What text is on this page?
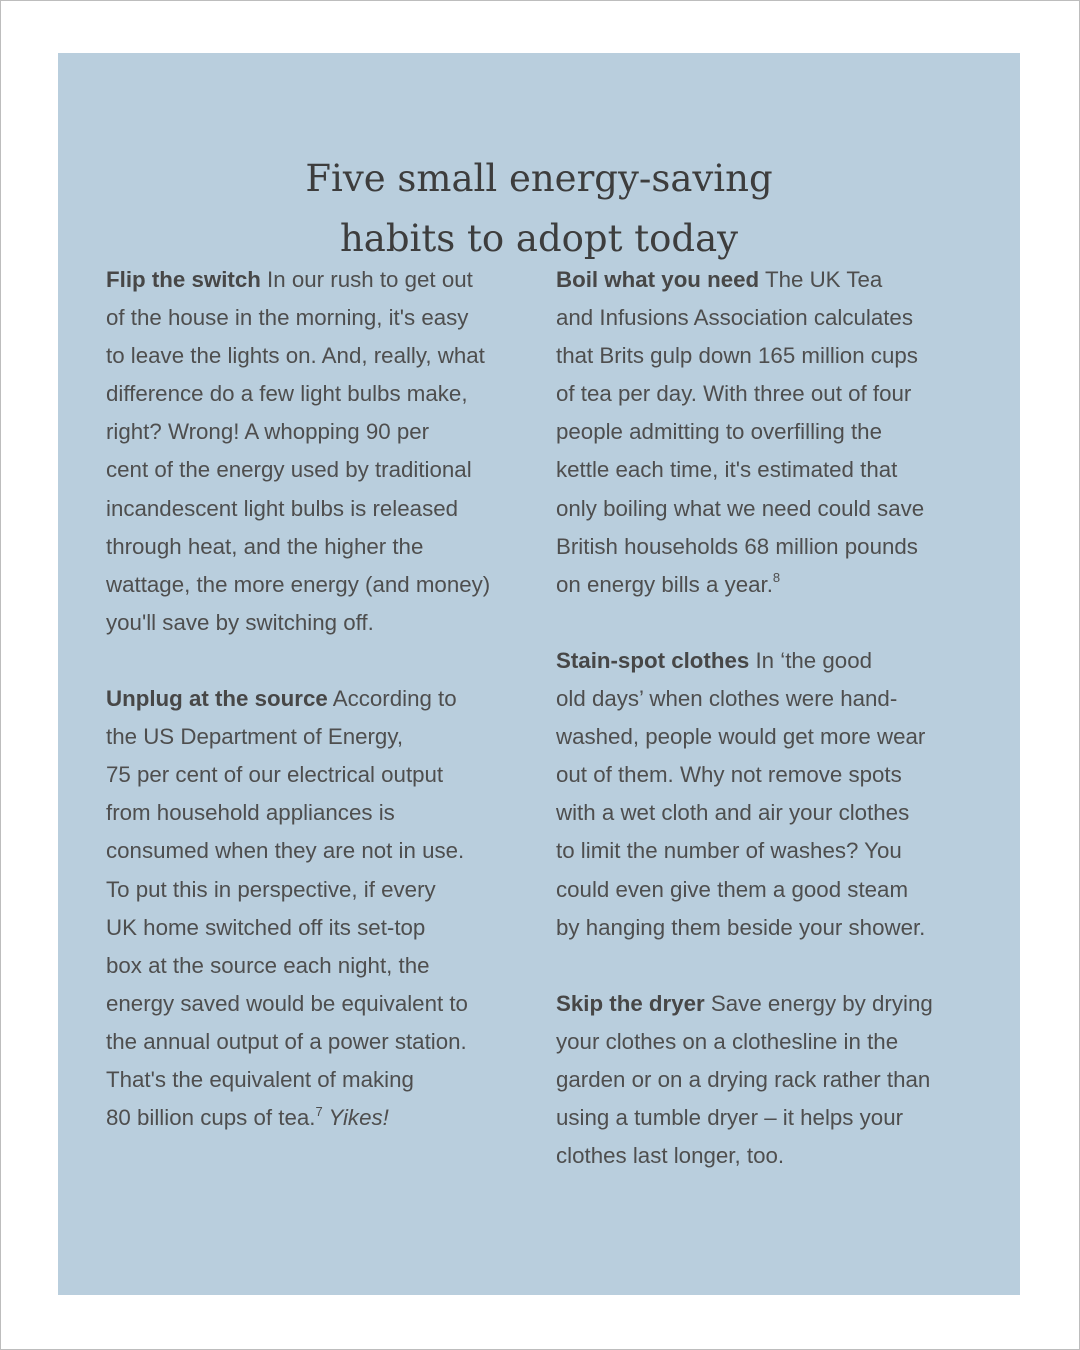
Five small energy-saving
habits to adopt today
Flip the switch In our rush to get out
of the house in the morning, it's easy
to leave the lights on. And, really, what
difference do a few light bulbs make,
right? Wrong! A whopping 90 per
cent of the energy used by traditional
incandescent light bulbs is released
through heat, and the higher the
wattage, the more energy (and money)
you'll save by switching off.
Unplug at the source According to
the US Department of Energy,
75 per cent of our electrical output
from household appliances is
consumed when they are not in use.
To put this in perspective, if every
UK home switched off its set-top
box at the source each night, the
energy saved would be equivalent to
the annual output of a power station.
That's the equivalent of making
80 billion cups of tea.$^7$ Yikes!
Boil what you need The UK Tea
and Infusions Association calculates
that Brits gulp down 165 million cups
of tea per day. With three out of four
people admitting to overfilling the
kettle each time, it's estimated that
only boiling what we need could save
British households 68 million pounds
on energy bills a year.$^8$
Stain-spot clothes In ‘the good
old days’ when clothes were hand-
washed, people would get more wear
out of them. Why not remove spots
with a wet cloth and air your clothes
to limit the number of washes? You
could even give them a good steam
by hanging them beside your shower.
Skip the dryer Save energy by drying
your clothes on a clothesline in the
garden or on a drying rack rather than
using a tumble dryer – it helps your
clothes last longer, too.
